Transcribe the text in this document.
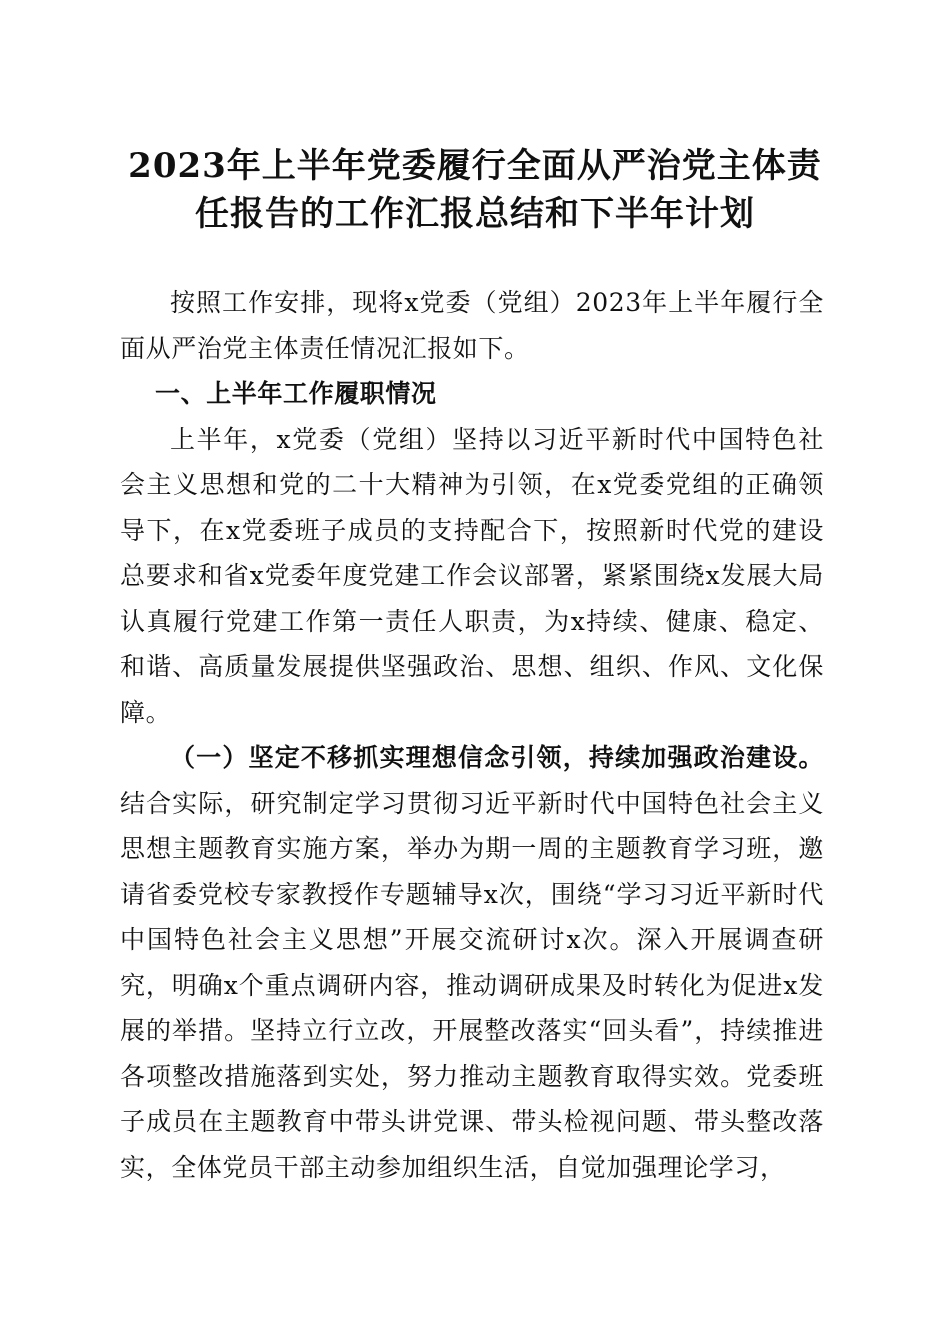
2023年上半年党委履行全面从严治党主体责
任报告的工作汇报总结和下半年计划

按照工作安排，现将x党委（党组）2023年上半年履行全面从严治党主体责任情况汇报如下。

一、上半年工作履职情况

上半年，x党委（党组）坚持以习近平新时代中国特色社会主义思想和党的二十大精神为引领，在x党委党组的正确领导下，在x党委班子成员的支持配合下，按照新时代党的建设总要求和省x党委年度党建工作会议部署，紧紧围绕x发展大局认真履行党建工作第一责任人职责，为x持续、健康、稳定、和谐、高质量发展提供坚强政治、思想、组织、作风、文化保障。

（一）坚定不移抓实理想信念引领，持续加强政治建设。结合实际，研究制定学习贯彻习近平新时代中国特色社会主义思想主题教育实施方案，举办为期一周的主题教育学习班，邀请省委党校专家教授作专题辅导x次，围绕“学习习近平新时代中国特色社会主义思想”开展交流研讨x次。深入开展调查研究，明确x个重点调研内容，推动调研成果及时转化为促进x发展的举措。坚持立行立改，开展整改落实“回头看”，持续推进各项整改措施落到实处，努力推动主题教育取得实效。党委班子成员在主题教育中带头讲党课、带头检视问题、带头整改落实，全体党员干部主动参加组织生活，自觉加强理论学习，
